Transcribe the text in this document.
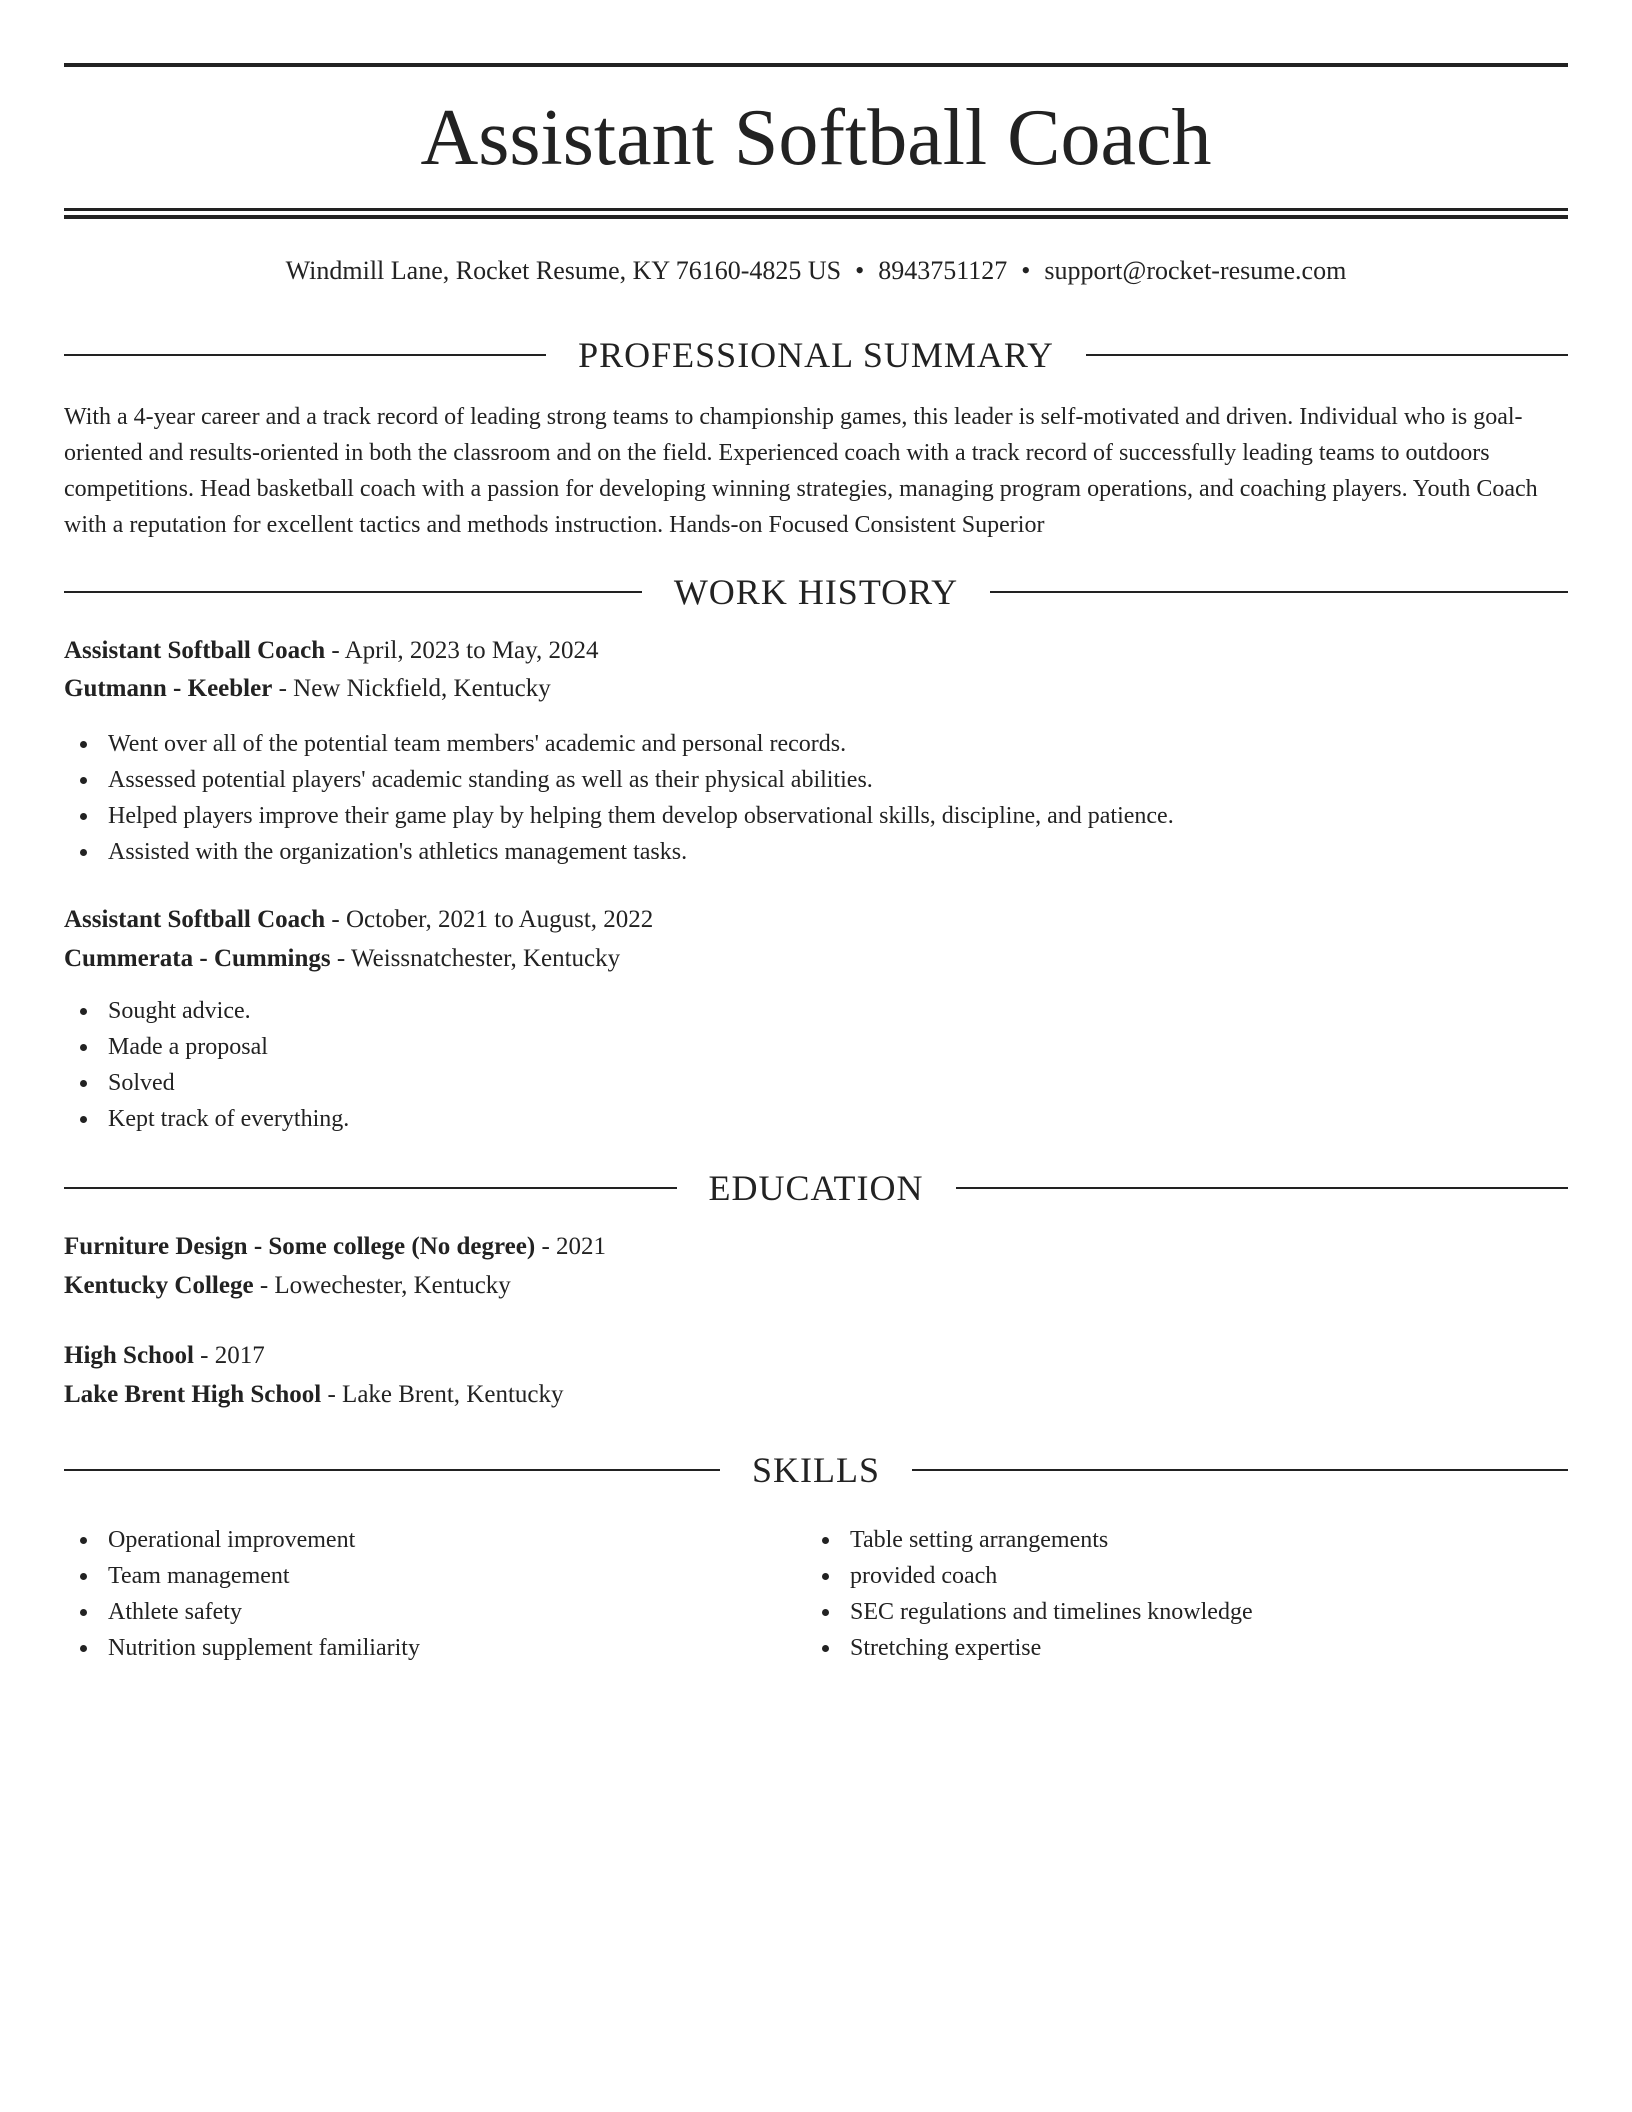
Assistant Softball Coach
Windmill Lane, Rocket Resume, KY 76160-4825 US • 8943751127 • support@rocket-resume.com
PROFESSIONAL SUMMARY
With a 4-year career and a track record of leading strong teams to championship games, this leader is self-motivated and driven. Individual who is goal-oriented and results-oriented in both the classroom and on the field. Experienced coach with a track record of successfully leading teams to outdoors competitions. Head basketball coach with a passion for developing winning strategies, managing program operations, and coaching players. Youth Coach with a reputation for excellent tactics and methods instruction. Hands-on Focused Consistent Superior
WORK HISTORY
Assistant Softball Coach - April, 2023 to May, 2024
Gutmann - Keebler - New Nickfield, Kentucky
Went over all of the potential team members' academic and personal records.
Assessed potential players' academic standing as well as their physical abilities.
Helped players improve their game play by helping them develop observational skills, discipline, and patience.
Assisted with the organization's athletics management tasks.
Assistant Softball Coach - October, 2021 to August, 2022
Cummerata - Cummings - Weissnatchester, Kentucky
Sought advice.
Made a proposal
Solved
Kept track of everything.
EDUCATION
Furniture Design - Some college (No degree) - 2021
Kentucky College - Lowechester, Kentucky
High School - 2017
Lake Brent High School - Lake Brent, Kentucky
SKILLS
Operational improvement
Team management
Athlete safety
Nutrition supplement familiarity
Table setting arrangements
provided coach
SEC regulations and timelines knowledge
Stretching expertise
